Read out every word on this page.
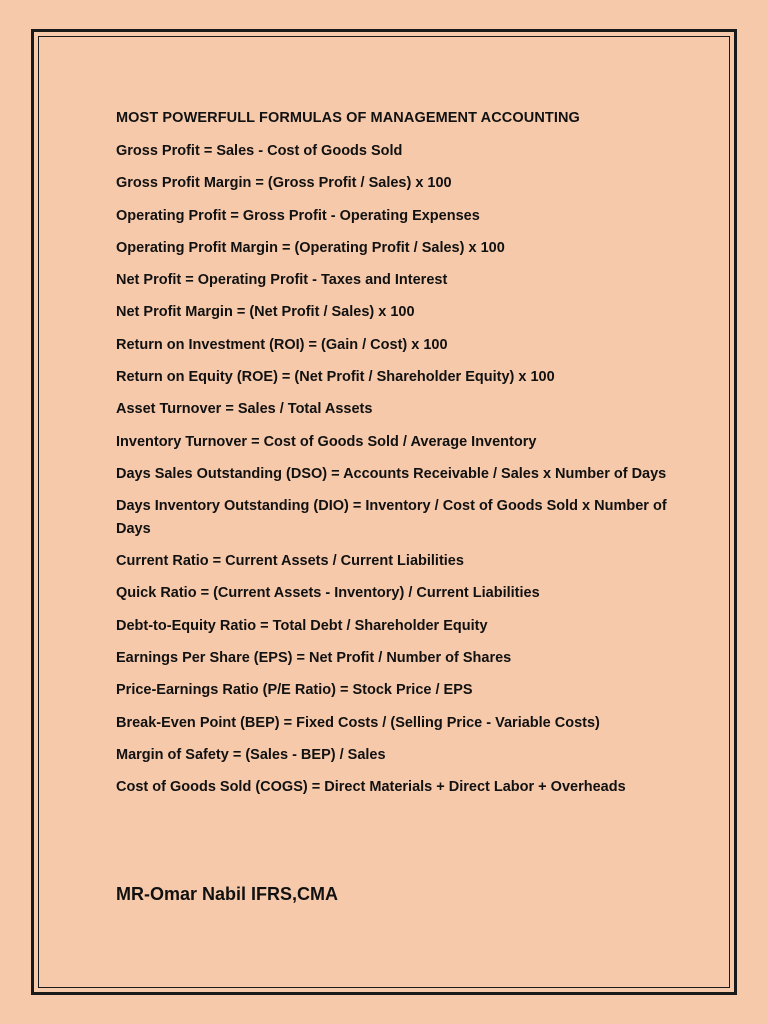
MOST POWERFULL FORMULAS OF MANAGEMENT ACCOUNTING
Gross Profit = Sales - Cost of Goods Sold
Gross Profit Margin = (Gross Profit / Sales) x 100
Operating Profit = Gross Profit - Operating Expenses
Operating Profit Margin = (Operating Profit / Sales) x 100
Net Profit = Operating Profit - Taxes and Interest
Net Profit Margin = (Net Profit / Sales) x 100
Return on Investment (ROI) = (Gain / Cost) x 100
Return on Equity (ROE) = (Net Profit / Shareholder Equity) x 100
Asset Turnover = Sales / Total Assets
Inventory Turnover = Cost of Goods Sold / Average Inventory
Days Sales Outstanding (DSO) = Accounts Receivable / Sales x Number of Days
Days Inventory Outstanding (DIO) = Inventory / Cost of Goods Sold x Number of Days
Current Ratio = Current Assets / Current Liabilities
Quick Ratio = (Current Assets - Inventory) / Current Liabilities
Debt-to-Equity Ratio = Total Debt / Shareholder Equity
Earnings Per Share (EPS) = Net Profit / Number of Shares
Price-Earnings Ratio (P/E Ratio) = Stock Price / EPS
Break-Even Point (BEP) = Fixed Costs / (Selling Price - Variable Costs)
Margin of Safety = (Sales - BEP) / Sales
Cost of Goods Sold (COGS) = Direct Materials + Direct Labor + Overheads
MR-Omar Nabil IFRS,CMA
